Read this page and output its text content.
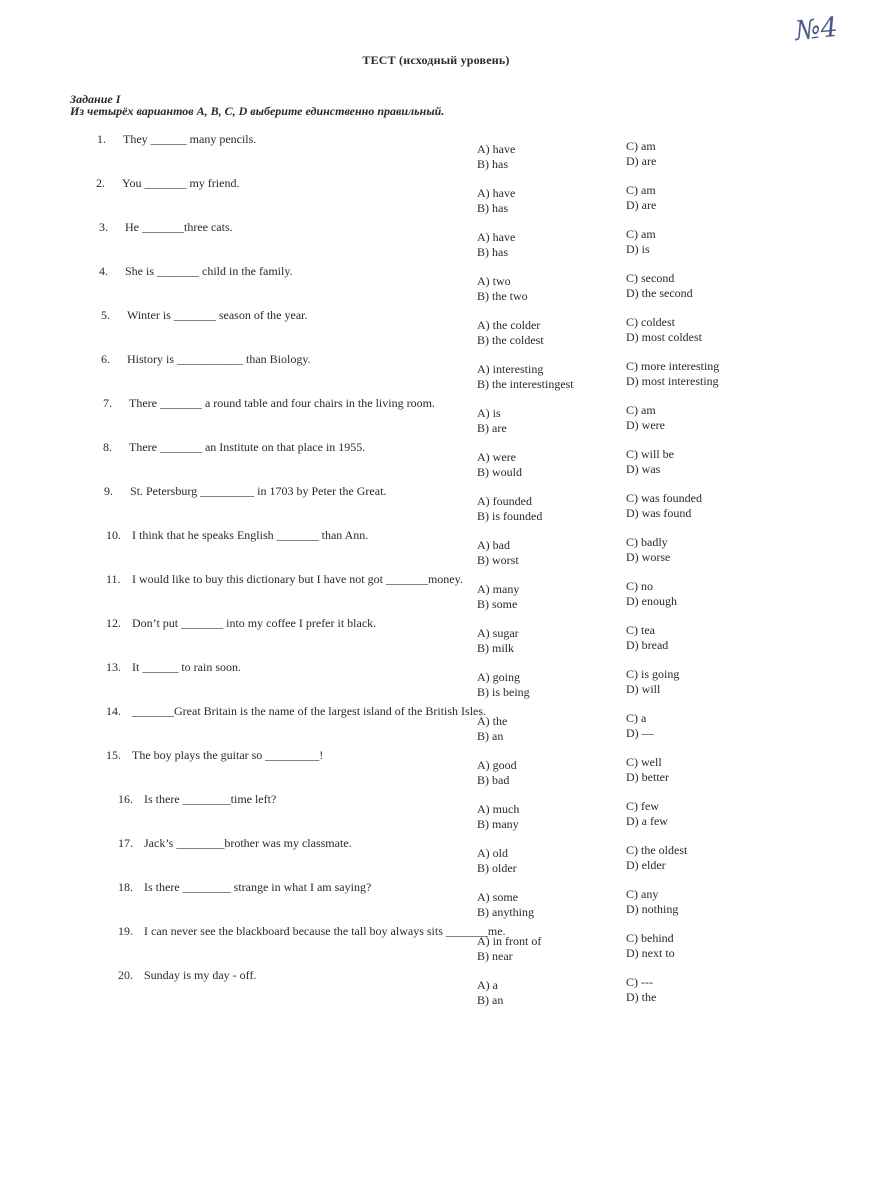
№4
ТЕСТ (исходный уровень)
Задание I
Из четырёх вариантов A, B, C, D выберите единственно правильный.
1. They ______ many pencils.
A) have
B) has
C) am
D) are
2. You _______ my friend.
A) have
B) has
C) am
D) are
3. He _______three cats.
A) have
B) has
C) am
D) is
4. She is _______ child in the family.
A) two
B) the two
C) second
D) the second
5. Winter is _______ season of the year.
A) the colder
B) the coldest
C) coldest
D) most coldest
6. History is ___________ than Biology.
A) interesting
B) the interestingest
C) more interesting
D) most interesting
7. There _______ a round table and four chairs in the living room.
A) is
B) are
C) am
D) were
8. There _______ an Institute on that place in 1955.
A) were
B) would
C) will be
D) was
9. St. Petersburg _________ in 1703 by Peter the Great.
A) founded
B) is founded
C) was founded
D) was found
10. I think that he speaks English _______ than Ann.
A) bad
B) worst
C) badly
D) worse
11. I would like to buy this dictionary but I have not got _______money.
A) many
B) some
C) no
D) enough
12. Don’t put _______ into my coffee I prefer it black.
A) sugar
B) milk
C) tea
D) bread
13. It ______ to rain soon.
A) going
B) is being
C) is going
D) will
14. _______Great Britain is the name of the largest island of the British Isles.
A) the
B) an
C) a
D) —
15. The boy plays the guitar so _________!
A) good
B) bad
C) well
D) better
16. Is there ________time left?
A) much
B) many
C) few
D) a few
17. Jack’s ________brother was my classmate.
A) old
B) older
C) the oldest
D) elder
18. Is there ________ strange in what I am saying?
A) some
B) anything
C) any
D) nothing
19. I can never see the blackboard because the tall boy always sits _______me.
A) in front of
B) near
C) behind
D) next to
20. Sunday is my day - off.
A) a
B) an
C) ---
D) the
